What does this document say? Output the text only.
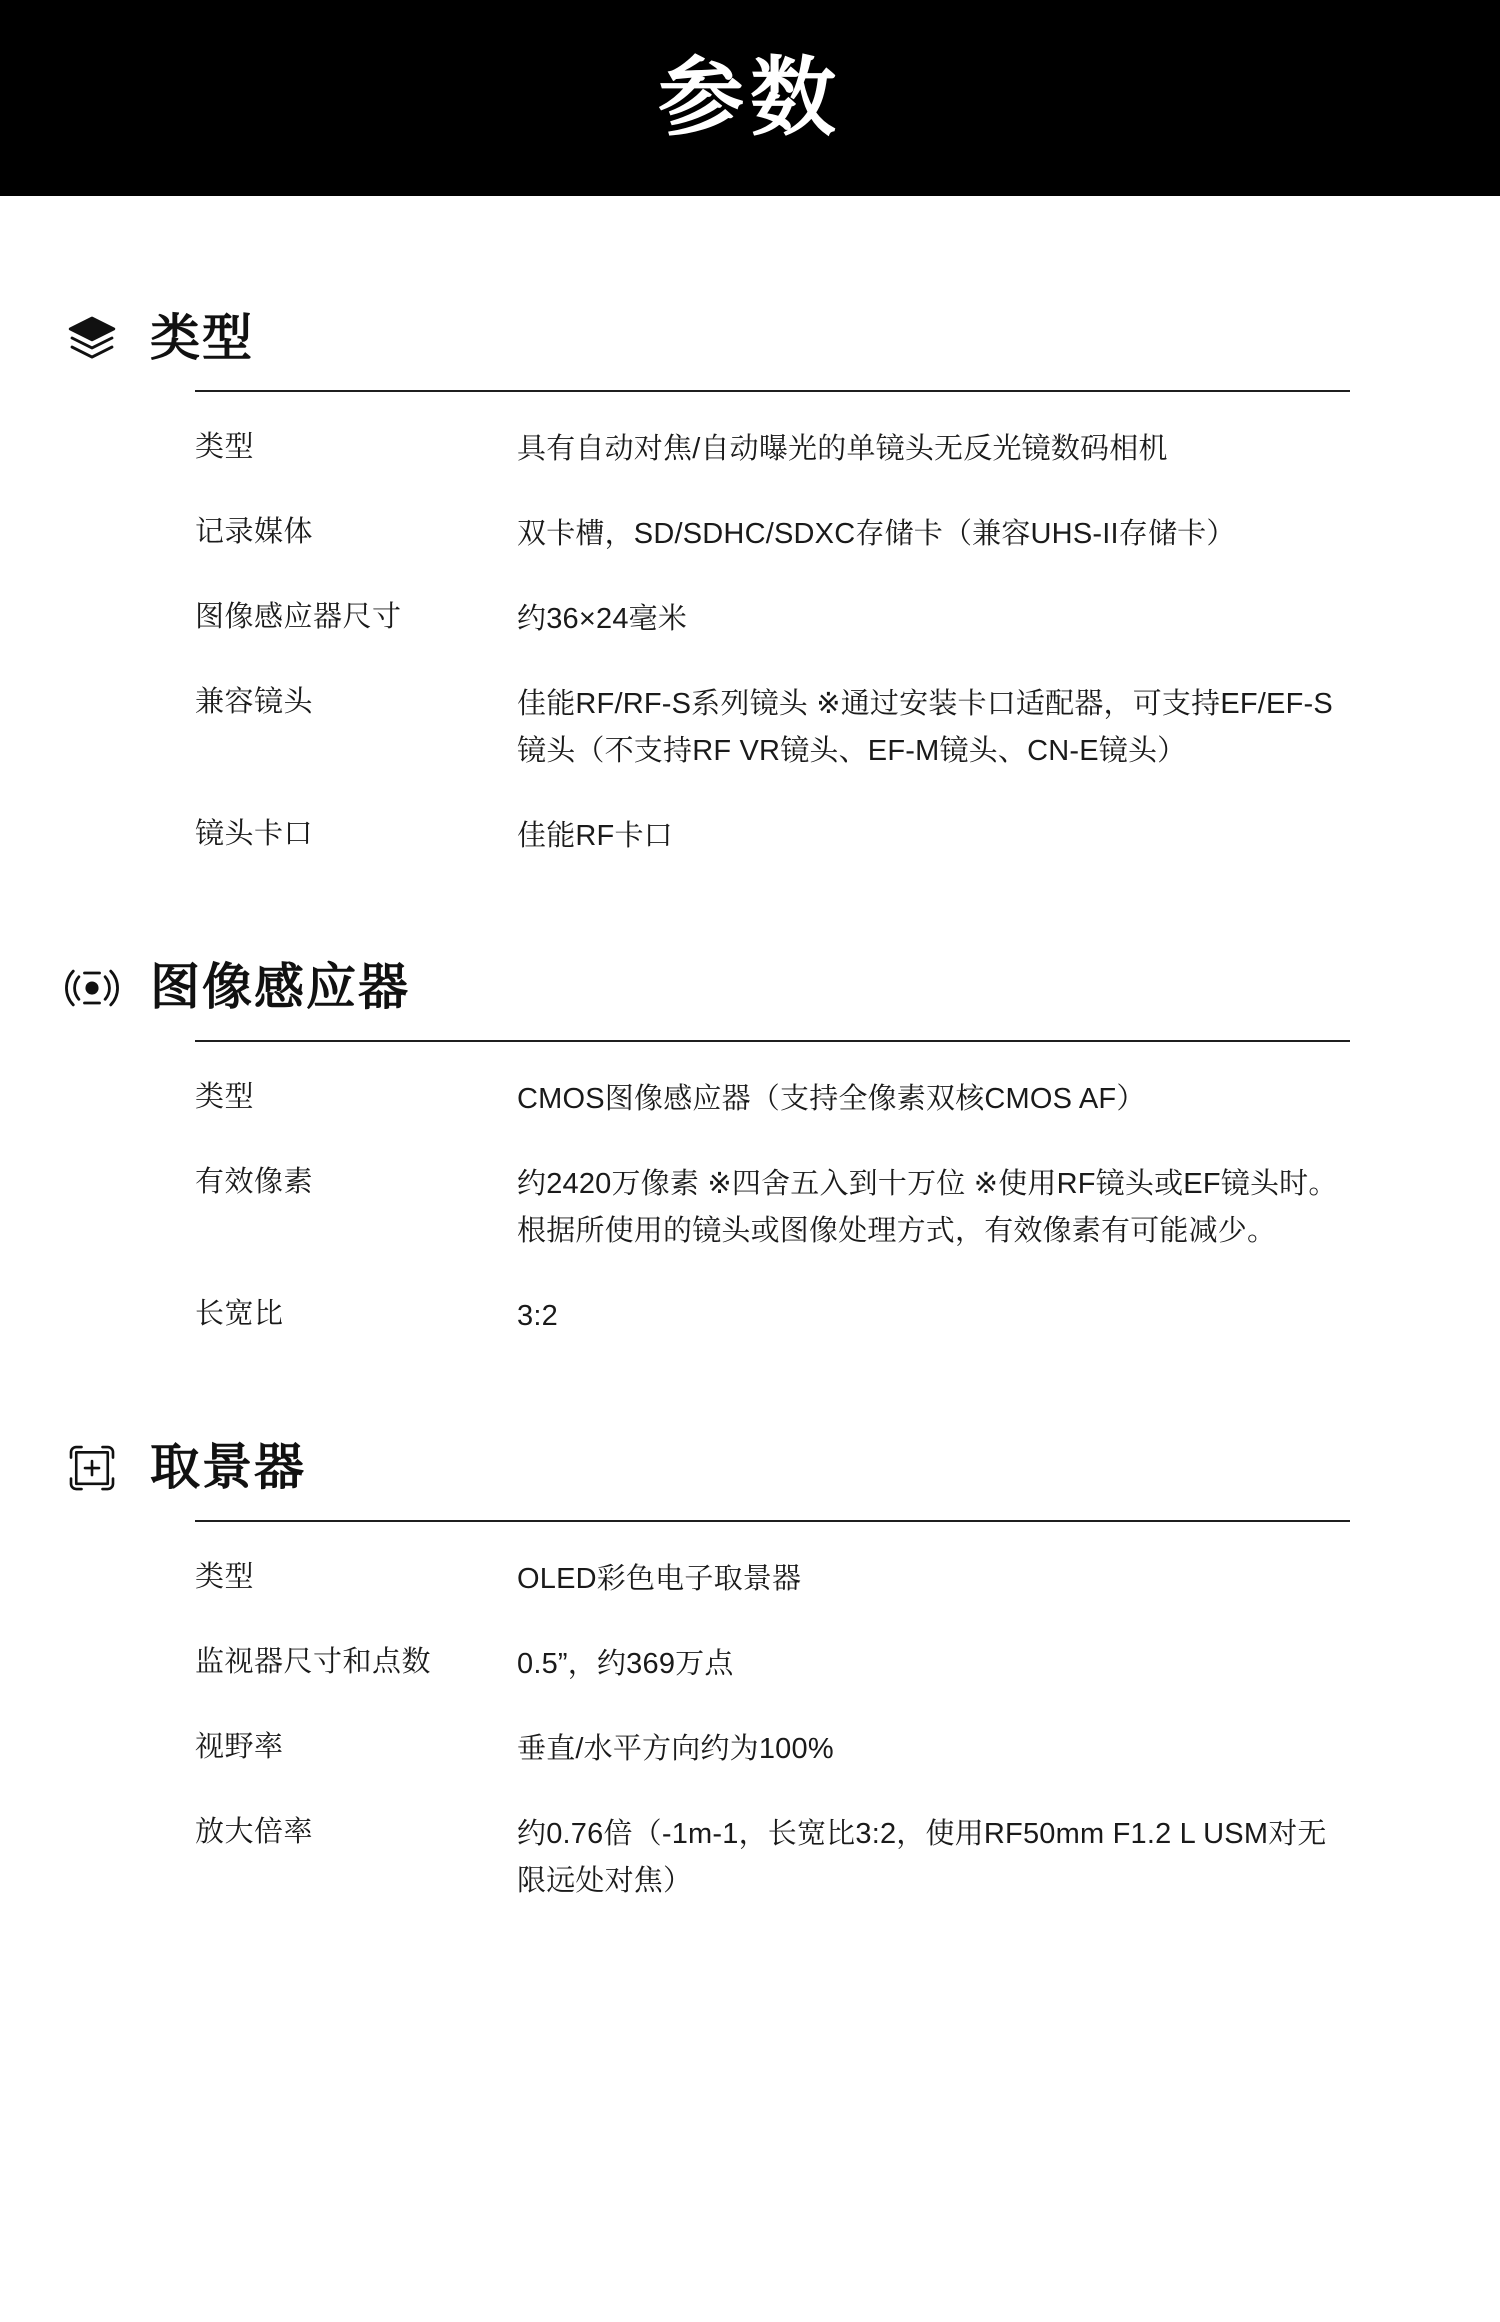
参数
类型
类型	具有自动对焦/自动曝光的单镜头无反光镜数码相机
记录媒体	双卡槽，SD/SDHC/SDXC存储卡（兼容UHS-II存储卡）
图像感应器尺寸	约36×24毫米
兼容镜头	佳能RF/RF-S系列镜头 ※通过安装卡口适配器，可支持EF/EF-S镜头（不支持RF VR镜头、EF-M镜头、CN-E镜头）
镜头卡口	佳能RF卡口
图像感应器
类型	CMOS图像感应器（支持全像素双核CMOS AF）
有效像素	约2420万像素 ※四舍五入到十万位 ※使用RF镜头或EF镜头时。根据所使用的镜头或图像处理方式，有效像素有可能减少。
长宽比	3:2
取景器
类型	OLED彩色电子取景器
监视器尺寸和点数	0.5”，约369万点
视野率	垂直/水平方向约为100%
放大倍率	约0.76倍（-1m-1，长宽比3:2，使用RF50mm F1.2 L USM对无限远处对焦）
